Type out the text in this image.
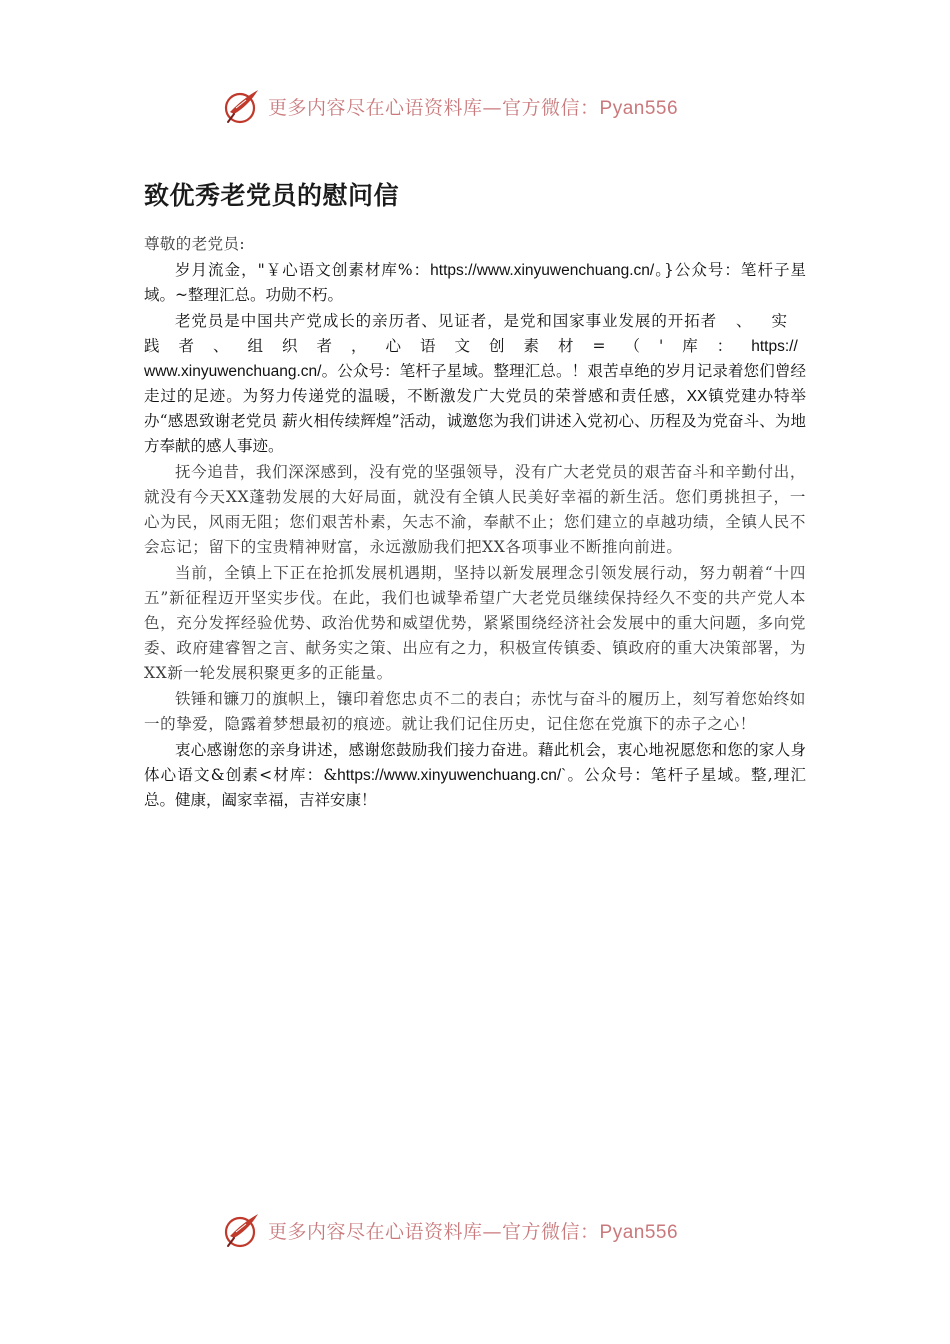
更多内容尽在心语资料库—官方微信：Pyan556
致优秀老党员的慰问信

尊敬的老党员:

岁月流金，"￥心语文创素材库%：https://www.xinyuwenchuang.cn/。}公众号：笔杆子星域。~整理汇总。功勋不朽。

老党员是中国共产党成长的亲历者、见证者，是党和国家事业发展的开拓者、实践者、组织者，心语文创素材=（'库：https://
www.xinyuwenchuang.cn/。公众号：笔杆子星域。整理汇总。！艰苦卓绝的岁月记录着您们曾经走过的足迹。为努力传递党的温暖，不断激发广大党员的荣誉感和责任感，XX镇党建办特举办“感恩致谢老党员 薪火相传续辉煌”活动，诚邀您为我们讲述入党初心、历程及为党奋斗、为地方奉献的感人事迹。

抚今追昔，我们深深感到，没有党的坚强领导，没有广大老党员的艰苦奋斗和辛勤付出，就没有今天XX蓬勃发展的大好局面，就没有全镇人民美好幸福的新生活。您们勇挑担子，一心为民，风雨无阻；您们艰苦朴素，矢志不渝，奉献不止；您们建立的卓越功绩，全镇人民不会忘记；留下的宝贵精神财富，永远激励我们把XX各项事业不断推向前进。

当前，全镇上下正在抢抓发展机遇期，坚持以新发展理念引领发展行动，努力朝着“十四五”新征程迈开坚实步伐。在此，我们也诚挚希望广大老党员继续保持经久不变的共产党人本色，充分发挥经验优势、政治优势和威望优势，紧紧围绕经济社会发展中的重大问题，多向党委、政府建睿智之言、献务实之策、出应有之力，积极宣传镇委、镇政府的重大决策部署，为XX新一轮发展积聚更多的正能量。

铁锤和镰刀的旗帜上，镶印着您忠贞不二的表白；赤忱与奋斗的履历上，刻写着您始终如一的挚爱，隐露着梦想最初的痕迹。就让我们记住历史，记住您在党旗下的赤子之心！

衷心感谢您的亲身讲述，感谢您鼓励我们接力奋进。藉此机会，衷心地祝愿您和您的家人身体心语文&创素<材库：&https://www.xinyuwenchuang.cn/`。公众号：笔杆子星域。整,理汇总。健康，阖家幸福，吉祥安康！

更多内容尽在心语资料库—官方微信：Pyan556
